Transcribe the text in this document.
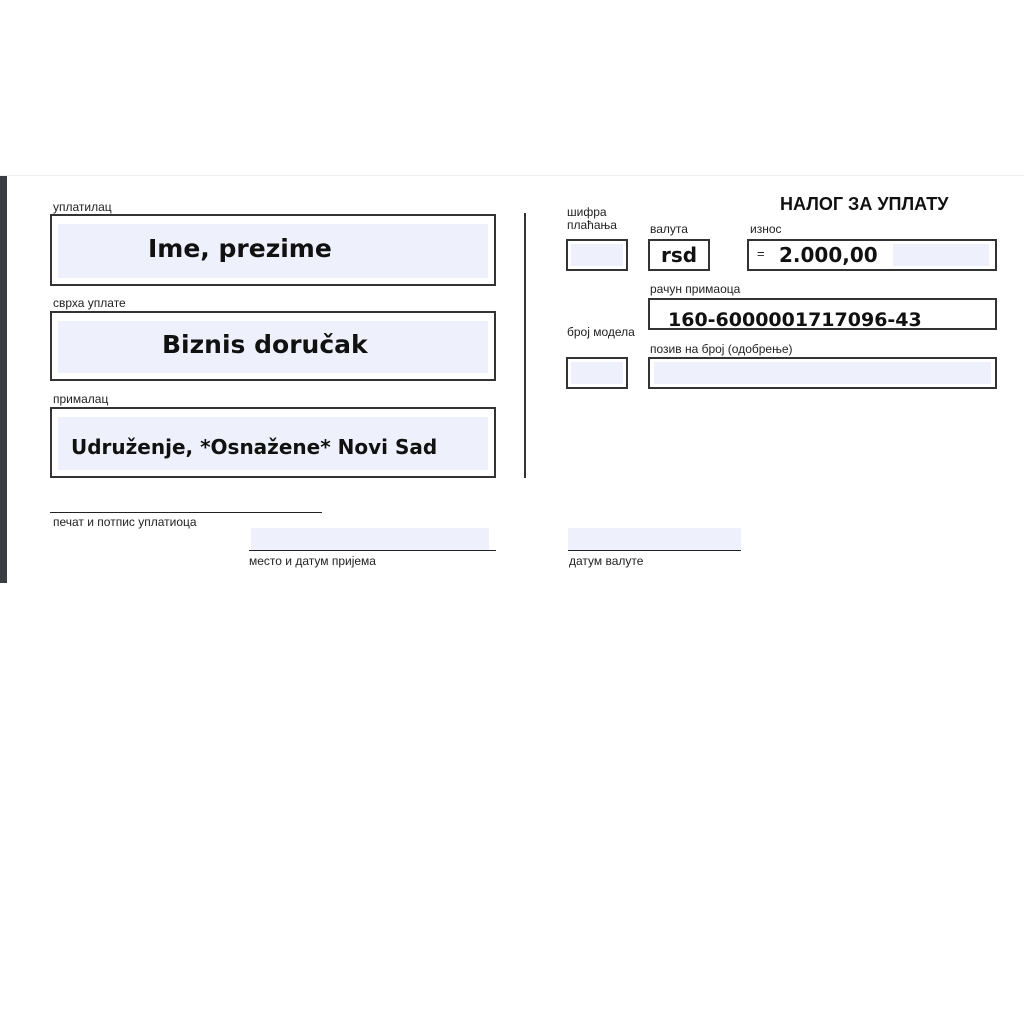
НАЛОГ ЗА УПЛАТУ
уплатилац
Ime, prezime
сврха уплате
Biznis doručak
прималац
Udruženje, *Osnažene* Novi Sad
шифра плаћања	валута
rsd
износ
= 2.000,00
рачун примаоца
160-6000001717096-43
број модела
позив на број (одобрење)
печат и потпис уплатиоца
место и датум пријема	датум валуте
